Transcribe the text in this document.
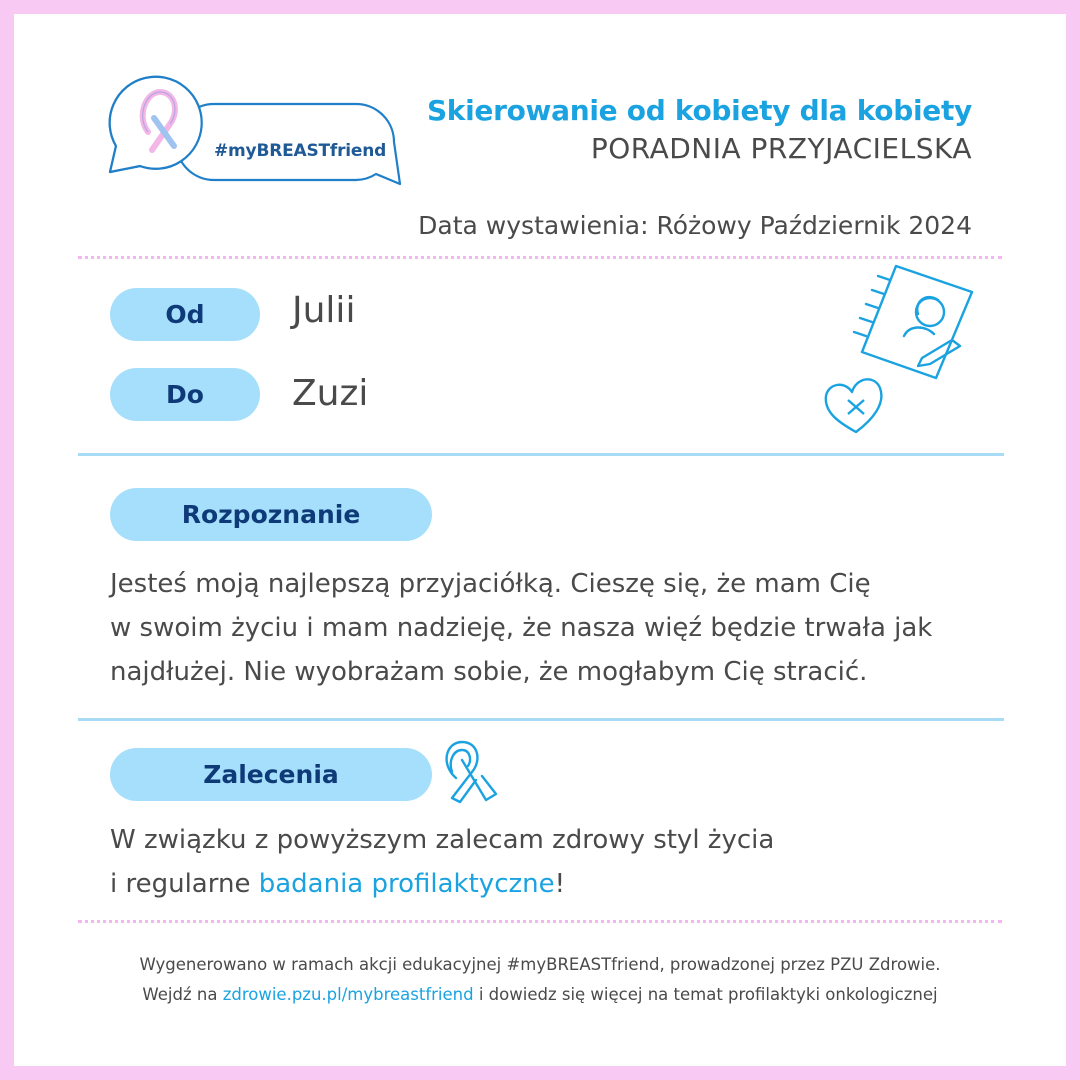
#myBREASTfriend
Skierowanie od kobiety dla kobiety
PORADNIA PRZYJACIELSKA
Data wystawienia: Różowy Październik 2024
Od	Julii
Do	Zuzi
Rozpoznanie
Jesteś moją najlepszą przyjaciółką. Cieszę się, że mam Cię
w swoim życiu i mam nadzieję, że nasza więź będzie trwała jak
najdłużej. Nie wyobrażam sobie, że mogłabym Cię stracić.
Zalecenia
W związku z powyższym zalecam zdrowy styl życia
i regularne badania profilaktyczne!
Wygenerowano w ramach akcji edukacyjnej #myBREASTfriend, prowadzonej przez PZU Zdrowie.
Wejdź na zdrowie.pzu.pl/mybreastfriend i dowiedz się więcej na temat profilaktyki onkologicznej
